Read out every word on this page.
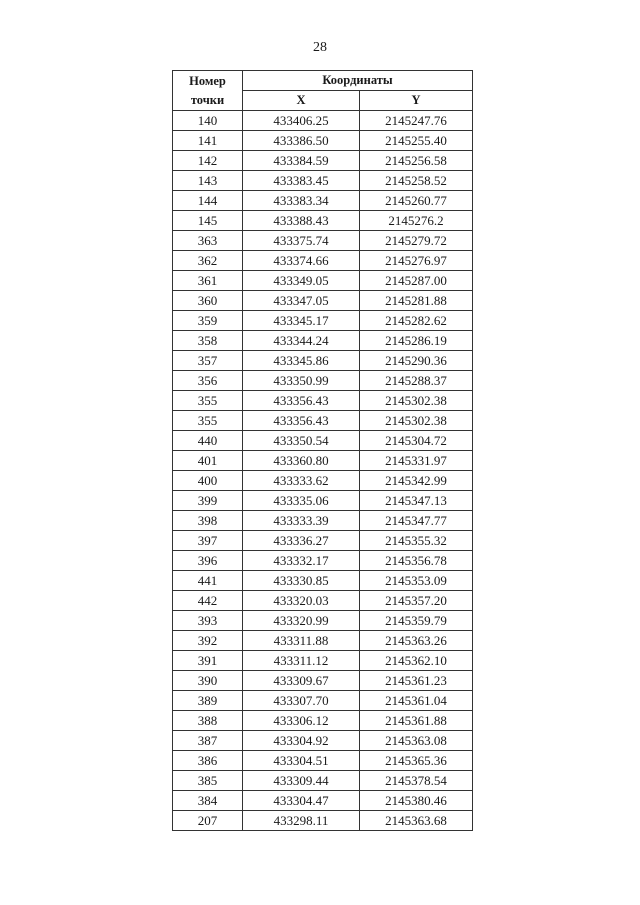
28
Номер точки	Координаты	
	X	Y
140	433406.25	2145247.76
141	433386.50	2145255.40
142	433384.59	2145256.58
143	433383.45	2145258.52
144	433383.34	2145260.77
145	433388.43	2145276.2
363	433375.74	2145279.72
362	433374.66	2145276.97
361	433349.05	2145287.00
360	433347.05	2145281.88
359	433345.17	2145282.62
358	433344.24	2145286.19
357	433345.86	2145290.36
356	433350.99	2145288.37
355	433356.43	2145302.38
355	433356.43	2145302.38
440	433350.54	2145304.72
401	433360.80	2145331.97
400	433333.62	2145342.99
399	433335.06	2145347.13
398	433333.39	2145347.77
397	433336.27	2145355.32
396	433332.17	2145356.78
441	433330.85	2145353.09
442	433320.03	2145357.20
393	433320.99	2145359.79
392	433311.88	2145363.26
391	433311.12	2145362.10
390	433309.67	2145361.23
389	433307.70	2145361.04
388	433306.12	2145361.88
387	433304.92	2145363.08
386	433304.51	2145365.36
385	433309.44	2145378.54
384	433304.47	2145380.46
207	433298.11	2145363.68
